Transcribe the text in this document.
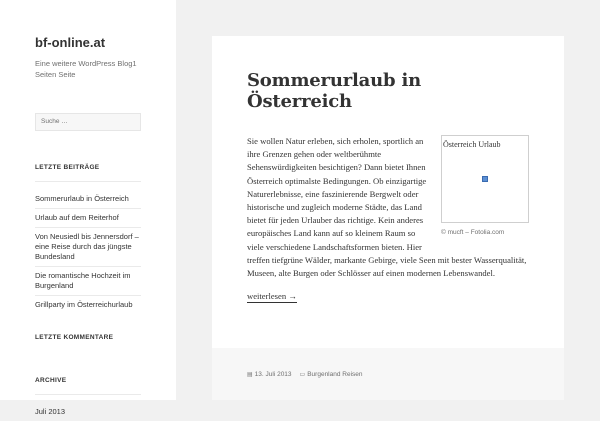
bf-online.at

Eine weitere WordPress Blog1 Seiten Seite

Suche …
LETZTE BEITRÄGE
Sommerurlaub in Österreich
Urlaub auf dem Reiterhof
Von Neusiedl bis Jennersdorf – eine Reise durch das jüngste Bundesland
Die romantische Hochzeit im Burgenland
Grillparty im Österreichurlaub
LETZTE KOMMENTARE
ARCHIVE
Juli 2013
Sommerurlaub in Österreich
Österreich Urlaub
© mucft – Fotolia.com

Sie wollen Natur erleben, sich erholen, sportlich an ihre Grenzen gehen oder weltberühmte Sehenswürdigkeiten besichtigen? Dann bietet Ihnen Österreich optimalste Bedingungen. Ob einzigartige Naturerlebnisse, eine faszinierende Bergwelt oder historische und zugleich moderne Städte, das Land bietet für jeden Urlauber das richtige. Kein anderes europäisches Land kann auf so kleinem Raum so viele verschiedene Landschaftsformen bieten. Hier treffen tiefgrüne Wälder, markante Gebirge, viele Seen mit bester Wasserqualität, Museen, alte Burgen oder Schlösser auf einen modernen Lebenswandel.

weiterlesen →
▤ 13. Juli 2013 ▭ Burgenland Reisen
